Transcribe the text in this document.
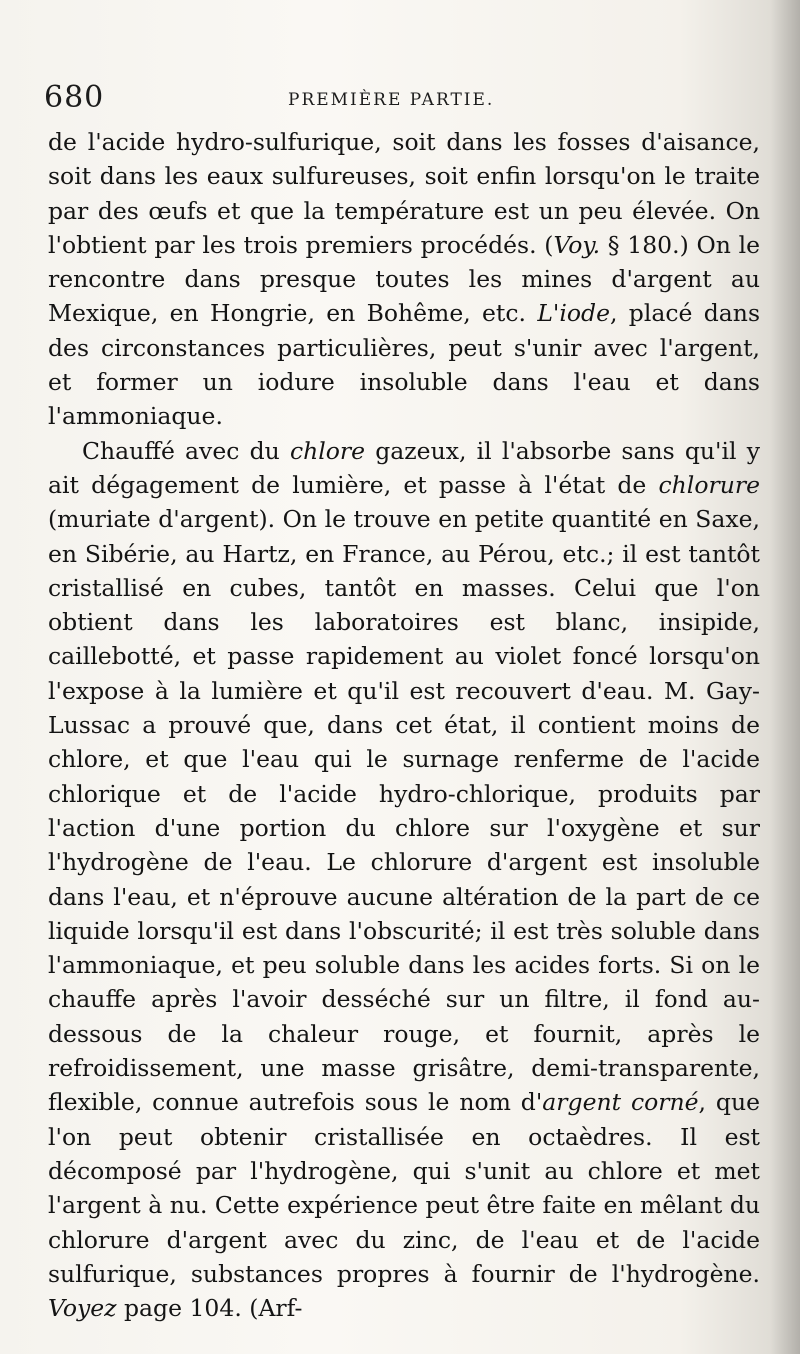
680	PREMIÈRE PARTIE.

de l'acide hydro-sulfurique, soit dans les fosses d'aisance, soit dans les eaux sulfureuses, soit enfin lorsqu'on le traite par des œufs et que la température est un peu élevée. On l'obtient par les trois premiers procédés. (Voy. § 180.) On le rencontre dans presque toutes les mines d'argent au Mexique, en Hongrie, en Bohême, etc. L'iode, placé dans des circonstances particulières, peut s'unir avec l'argent, et former un iodure insoluble dans l'eau et dans l'ammoniaque.

Chauffé avec du chlore gazeux, il l'absorbe sans qu'il y ait dégagement de lumière, et passe à l'état de chlorure (muriate d'argent). On le trouve en petite quantité en Saxe, en Sibérie, au Hartz, en France, au Pérou, etc.; il est tantôt cristallisé en cubes, tantôt en masses. Celui que l'on obtient dans les laboratoires est blanc, insipide, caillebotté, et passe rapidement au violet foncé lorsqu'on l'expose à la lumière et qu'il est recouvert d'eau. M. Gay-Lussac a prouvé que, dans cet état, il contient moins de chlore, et que l'eau qui le surnage renferme de l'acide chlorique et de l'acide hydro-chlorique, produits par l'action d'une portion du chlore sur l'oxygène et sur l'hydrogène de l'eau. Le chlorure d'argent est insoluble dans l'eau, et n'éprouve aucune altération de la part de ce liquide lorsqu'il est dans l'obscurité; il est très soluble dans l'ammoniaque, et peu soluble dans les acides forts. Si on le chauffe après l'avoir desséché sur un filtre, il fond au-dessous de la chaleur rouge, et fournit, après le refroidissement, une masse grisâtre, demi-transparente, flexible, connue autrefois sous le nom d'argent corné, que l'on peut obtenir cristallisée en octaèdres. Il est décomposé par l'hydrogène, qui s'unit au chlore et met l'argent à nu. Cette expérience peut être faite en mêlant du chlorure d'argent avec du zinc, de l'eau et de l'acide sulfurique, substances propres à fournir de l'hydrogène. Voyez page 104. (Arf-
